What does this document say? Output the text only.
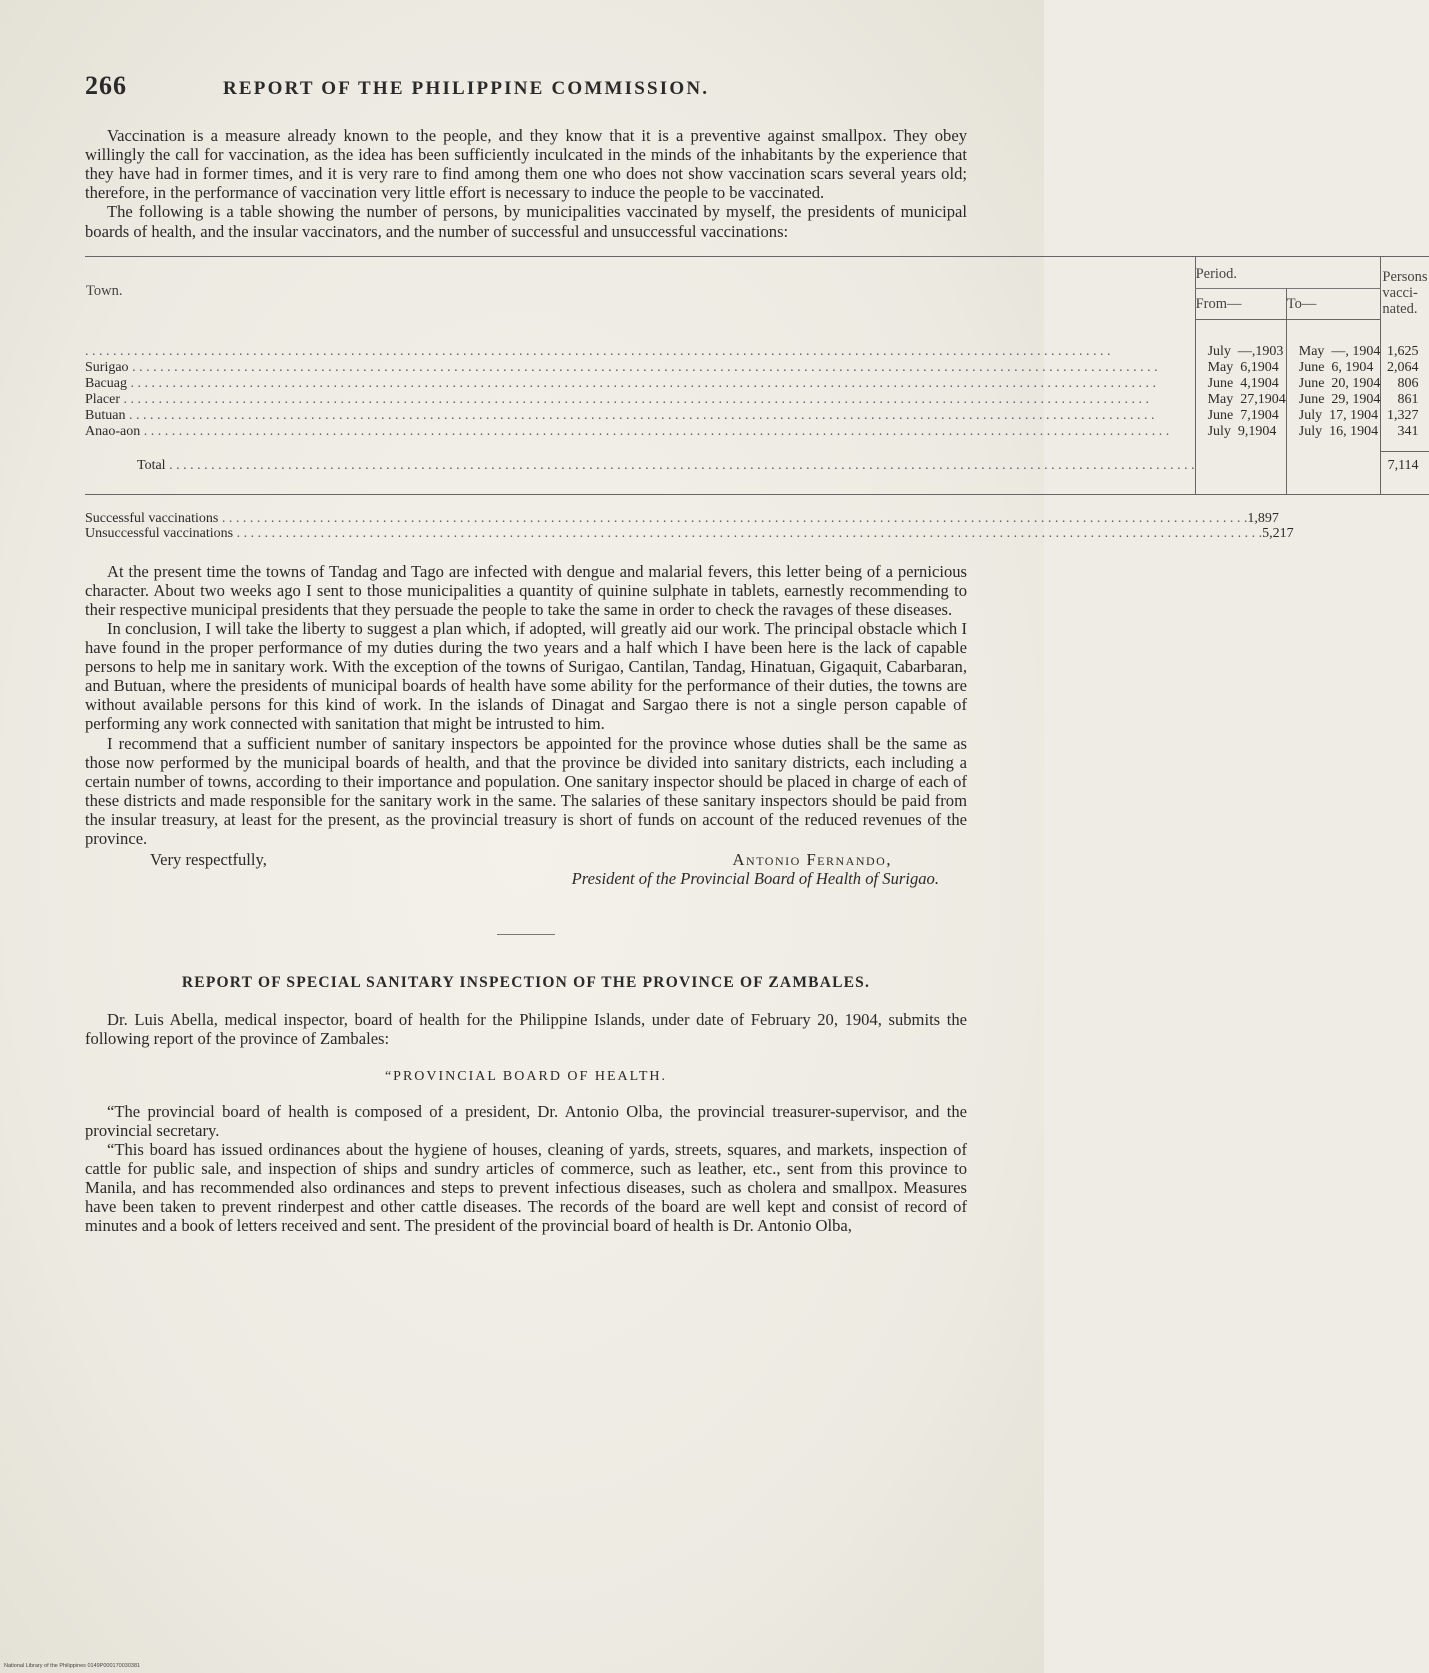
266	REPORT OF THE PHILIPPINE COMMISSION.

Vaccination is a measure already known to the people, and they know that it is a preventive against smallpox. They obey willingly the call for vaccination, as the idea has been sufficiently inculcated in the minds of the inhabitants by the experience that they have had in former times, and it is very rare to find among them one who does not show vaccination scars several years old; therefore, in the performance of vaccination very little effort is necessary to induce the people to be vaccinated.

The following is a table showing the number of persons, by municipalities vaccinated by myself, the presidents of municipal boards of health, and the insular vaccinators, and the number of successful and unsuccessful vaccinations:

Town.	Period.		Persons vacci- nated.
	From—	To—	

. . .	July —,1903	May —, 1904	1,625
Surigao . . .	May 6,1904	June 6, 1904	2,064
Bacuag . . .	June 4,1904	June 20, 1904	806
Placer . . .	May 27,1904	June 29, 1904	861
Butuan . . .	June 7,1904	July 17, 1904	1,327
Anao-aon . . .	July 9,1904	July 16, 1904	341

Total . . .			7,114
Successful vaccinations . . .	1,897
Unsuccessful vaccinations . . .	5,217

At the present time the towns of Tandag and Tago are infected with dengue and malarial fevers, this letter being of a pernicious character. About two weeks ago I sent to those municipalities a quantity of quinine sulphate in tablets, earnestly recommending to their respective municipal presidents that they persuade the people to take the same in order to check the ravages of these diseases.

In conclusion, I will take the liberty to suggest a plan which, if adopted, will greatly aid our work. The principal obstacle which I have found in the proper performance of my duties during the two years and a half which I have been here is the lack of capable persons to help me in sanitary work. With the exception of the towns of Surigao, Cantilan, Tandag, Hinatuan, Gigaquit, Cabarbaran, and Butuan, where the presidents of municipal boards of health have some ability for the performance of their duties, the towns are without available persons for this kind of work. In the islands of Dinagat and Sargao there is not a single person capable of performing any work connected with sanitation that might be intrusted to him.

I recommend that a sufficient number of sanitary inspectors be appointed for the province whose duties shall be the same as those now performed by the municipal boards of health, and that the province be divided into sanitary districts, each including a certain number of towns, according to their importance and population. One sanitary inspector should be placed in charge of each of these districts and made responsible for the sanitary work in the same. The salaries of these sanitary inspectors should be paid from the insular treasury, at least for the present, as the provincial treasury is short of funds on account of the reduced revenues of the province.

Very respectfully,	Antonio Fernando,
President of the Provincial Board of Health of Surigao.
REPORT OF SPECIAL SANITARY INSPECTION OF THE PROVINCE OF ZAMBALES.

Dr. Luis Abella, medical inspector, board of health for the Philippine Islands, under date of February 20, 1904, submits the following report of the province of Zambales:

“PROVINCIAL BOARD OF HEALTH.

“The provincial board of health is composed of a president, Dr. Antonio Olba, the provincial treasurer-supervisor, and the provincial secretary.

“This board has issued ordinances about the hygiene of houses, cleaning of yards, streets, squares, and markets, inspection of cattle for public sale, and inspection of ships and sundry articles of commerce, such as leather, etc., sent from this province to Manila, and has recommended also ordinances and steps to prevent infectious diseases, such as cholera and smallpox. Measures have been taken to prevent rinderpest and other cattle diseases. The records of the board are well kept and consist of record of minutes and a book of letters received and sent. The president of the provincial board of health is Dr. Antonio Olba,

National Library of the Philippines 0149P000170030381
